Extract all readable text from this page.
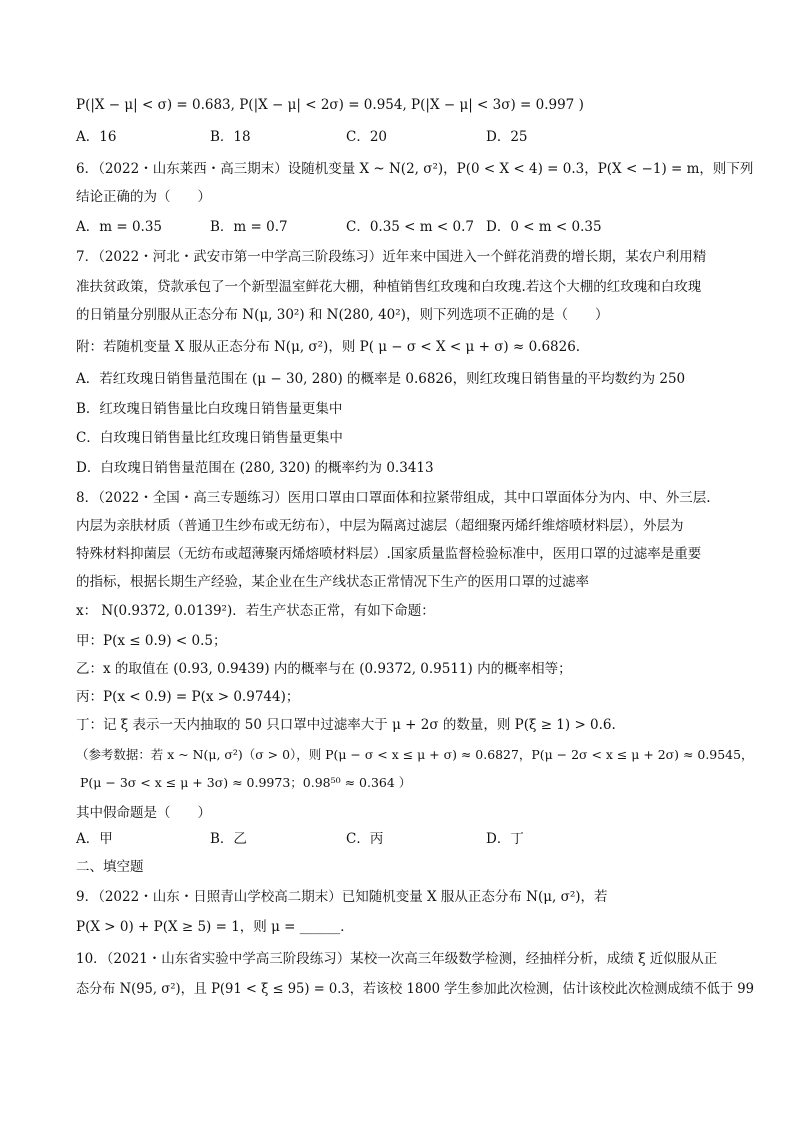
P(|X − μ| < σ) = 0.683, P(|X − μ| < 2σ) = 0.954, P(|X − μ| < 3σ) = 0.997 )
A．16	B．18	C．20	D．25
6．（2022・山东莱西・高三期末）设随机变量 X ~ N(2, σ²)，P(0 < X < 4) = 0.3，P(X < −1) = m，则下列
结论正确的为（　　）
A．m = 0.35	B．m = 0.7	C．0.35 < m < 0.7 D．0 < m < 0.35
7．（2022・河北・武安市第一中学高三阶段练习）近年来中国进入一个鲜花消费的增长期，某农户利用精
准扶贫政策，贷款承包了一个新型温室鲜花大棚，种植销售红玫瑰和白玫瑰.若这个大棚的红玫瑰和白玫瑰
的日销量分别服从正态分布 N(μ, 30²) 和 N(280, 40²)，则下列选项不正确的是（　　）
附：若随机变量 X 服从正态分布 N(μ, σ²)，则 P( μ − σ < X < μ + σ) ≈ 0.6826.
A．若红玫瑰日销售量范围在 (μ − 30, 280) 的概率是 0.6826，则红玫瑰日销售量的平均数约为 250
B．红玫瑰日销售量比白玫瑰日销售量更集中
C．白玫瑰日销售量比红玫瑰日销售量更集中
D．白玫瑰日销售量范围在 (280, 320) 的概率约为 0.3413
8．（2022・全国・高三专题练习）医用口罩由口罩面体和拉紧带组成，其中口罩面体分为内、中、外三层.
内层为亲肤材质（普通卫生纱布或无纺布），中层为隔离过滤层（超细聚丙烯纤维熔喷材料层），外层为
特殊材料抑菌层（无纺布或超薄聚丙烯熔喷材料层）.国家质量监督检验标准中，医用口罩的过滤率是重要
的指标，根据长期生产经验，某企业在生产线状态正常情况下生产的医用口罩的过滤率
x： N(0.9372, 0.0139²)．若生产状态正常，有如下命题：
甲：P(x ≤ 0.9) < 0.5；
乙：x 的取值在 (0.93, 0.9439) 内的概率与在 (0.9372, 0.9511) 内的概率相等；
丙：P(x < 0.9) = P(x > 0.9744)；
丁：记 ξ 表示一天内抽取的 50 只口罩中过滤率大于 μ + 2σ 的数量，则 P(ξ ≥ 1) > 0.6.
（参考数据：若 x ~ N(μ, σ²)（σ > 0），则 P(μ − σ < x ≤ μ + σ) ≈ 0.6827，P(μ − 2σ < x ≤ μ + 2σ) ≈ 0.9545，
P(μ − 3σ < x ≤ μ + 3σ) ≈ 0.9973；0.98⁵⁰ ≈ 0.364 ）
其中假命题是（　　）
A．甲	B．乙	C．丙	D．丁
二、填空题
9．（2022・山东・日照青山学校高二期末）已知随机变量 X 服从正态分布 N(μ, σ²)，若
P(X > 0) + P(X ≥ 5) = 1，则 μ = ______．
10．（2021・山东省实验中学高三阶段练习）某校一次高三年级数学检测，经抽样分析，成绩 ξ 近似服从正
态分布 N(95, σ²)，且 P(91 < ξ ≤ 95) = 0.3，若该校 1800 学生参加此次检测，估计该校此次检测成绩不低于 99
